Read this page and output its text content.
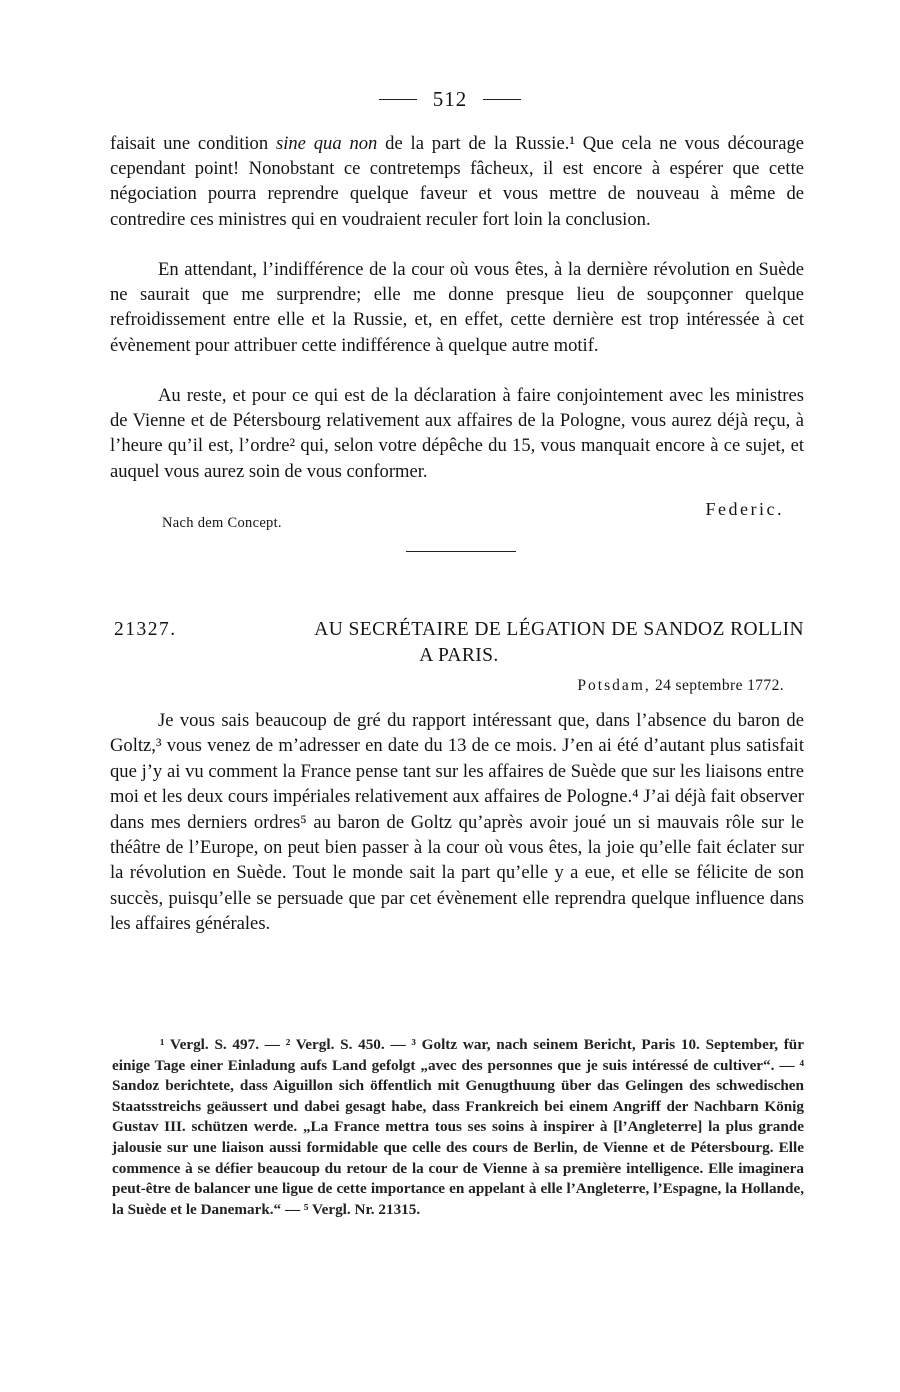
512

faisait une condition sine qua non de la part de la Russie.¹ Que cela ne vous décourage cependant point! Nonobstant ce contretemps fâcheux, il est encore à espérer que cette négociation pourra reprendre quelque faveur et vous mettre de nouveau à même de contredire ces ministres qui en voudraient reculer fort loin la conclusion.

En attendant, l’indifférence de la cour où vous êtes, à la dernière révolution en Suède ne saurait que me surprendre; elle me donne presque lieu de soupçonner quelque refroidissement entre elle et la Russie, et, en effet, cette dernière est trop intéressée à cet évènement pour attribuer cette indifférence à quelque autre motif.

Au reste, et pour ce qui est de la déclaration à faire conjointement avec les ministres de Vienne et de Pétersbourg relativement aux affaires de la Pologne, vous aurez déjà reçu, à l’heure qu’il est, l’ordre² qui, selon votre dépêche du 15, vous manquait encore à ce sujet, et auquel vous aurez soin de vous conformer.

Federic.
Nach dem Concept.
21327.	AU SECRÉTAIRE DE LÉGATION DE SANDOZ ROLLIN
A PARIS.
Potsdam, 24 septembre 1772.

Je vous sais beaucoup de gré du rapport intéressant que, dans l’absence du baron de Goltz,³ vous venez de m’adresser en date du 13 de ce mois. J’en ai été d’autant plus satisfait que j’y ai vu comment la France pense tant sur les affaires de Suède que sur les liaisons entre moi et les deux cours impériales relativement aux affaires de Pologne.⁴ J’ai déjà fait observer dans mes derniers ordres⁵ au baron de Goltz qu’après avoir joué un si mauvais rôle sur le théâtre de l’Europe, on peut bien passer à la cour où vous êtes, la joie qu’elle fait éclater sur la révolution en Suède. Tout le monde sait la part qu’elle y a eue, et elle se félicite de son succès, puisqu’elle se persuade que par cet évènement elle reprendra quelque influence dans les affaires générales.

¹ Vergl. S. 497. — ² Vergl. S. 450. — ³ Goltz war, nach seinem Bericht, Paris 10. September, für einige Tage einer Einladung aufs Land gefolgt „avec des personnes que je suis intéressé de cultiver“. — ⁴ Sandoz berichtete, dass Aiguillon sich öffentlich mit Genugthuung über das Gelingen des schwedischen Staatsstreichs geäussert und dabei gesagt habe, dass Frankreich bei einem Angriff der Nachbarn König Gustav III. schützen werde. „La France mettra tous ses soins à inspirer à [l’Angleterre] la plus grande jalousie sur une liaison aussi formidable que celle des cours de Berlin, de Vienne et de Pétersbourg. Elle commence à se défier beaucoup du retour de la cour de Vienne à sa première intelligence. Elle imaginera peut-être de balancer une ligue de cette importance en appelant à elle l’Angleterre, l’Espagne, la Hollande, la Suède et le Danemark.“ — ⁵ Vergl. Nr. 21315.
